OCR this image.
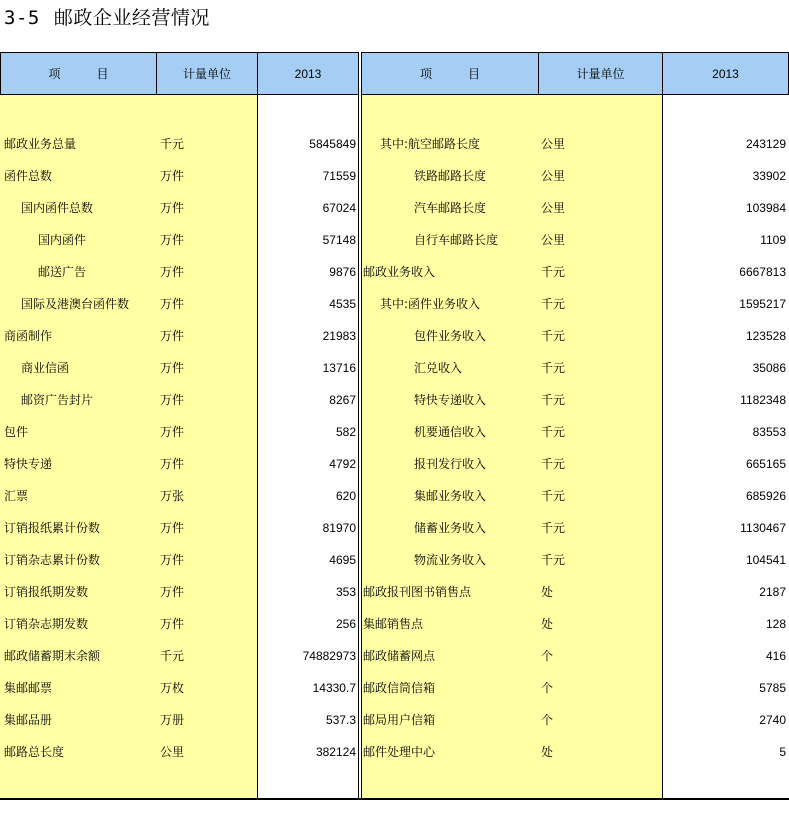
3-5 邮政企业经营情况
项　　　目	计量单位	2013	项　　　目	计量单位	2013
邮政业务总量	千元	5845849
函件总数	万件	71559
国内函件总数	万件	67024
国内函件	万件	57148
邮送广告	万件	9876
国际及港澳台函件数	万件	4535
商函制作	万件	21983
商业信函	万件	13716
邮资广告封片	万件	8267
包件	万件	582
特快专递	万件	4792
汇票	万张	620
订销报纸累计份数	万件	81970
订销杂志累计份数	万件	4695
订销报纸期发数	万件	353
订销杂志期发数	万件	256
邮政储蓄期末余额	千元	74882973
集邮邮票	万枚	14330.7
集邮品册	万册	537.3
邮路总长度	公里	382124
其中:航空邮路长度	公里	243129
铁路邮路长度	公里	33902
汽车邮路长度	公里	103984
自行车邮路长度	公里	1109
邮政业务收入	千元	6667813
其中:函件业务收入	千元	1595217
包件业务收入	千元	123528
汇兑收入	千元	35086
特快专递收入	千元	1182348
机要通信收入	千元	83553
报刊发行收入	千元	665165
集邮业务收入	千元	685926
储蓄业务收入	千元	1130467
物流业务收入	千元	104541
邮政报刊图书销售点	处	2187
集邮销售点	处	128
邮政储蓄网点	个	416
邮政信筒信箱	个	5785
邮局用户信箱	个	2740
邮件处理中心	处	5
